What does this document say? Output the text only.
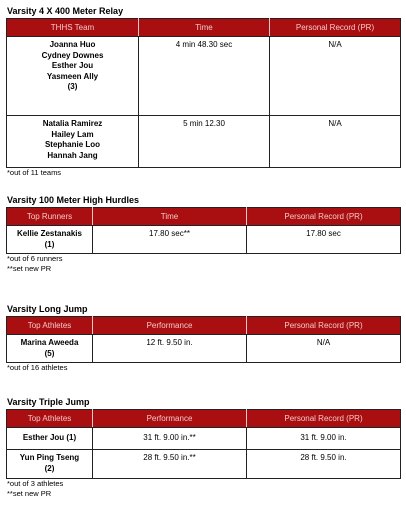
Varsity 4 X 400 Meter Relay
THHS Team	Time	Personal Record (PR)

Joanna Huo
Cydney Downes
Esther Jou
Yasmeen Ally
(3)	4 min 48.30 sec	N/A

Natalia Ramirez
Hailey Lam
Stephanie Loo
Hannah Jang	5 min 12.30	N/A
*out of 11 teams
Varsity 100 Meter High Hurdles
Top Runners	Time	Personal Record (PR)

Kellie Zestanakis
(1)	17.80 sec**	17.80 sec
*out of 6 runners
**set new PR
Varsity Long Jump
Top Athletes	Performance	Personal Record (PR)

Marina Aweeda
(5)	12 ft. 9.50 in.	N/A
*out of 16 athletes
Varsity Triple Jump
Top Athletes	Performance	Personal Record (PR)

Esther Jou (1)	31 ft. 9.00 in.**	31 ft. 9.00 in.

Yun Ping Tseng
(2)	28 ft. 9.50 in.**	28 ft. 9.50 in.
*out of 3 athletes
**set new PR
